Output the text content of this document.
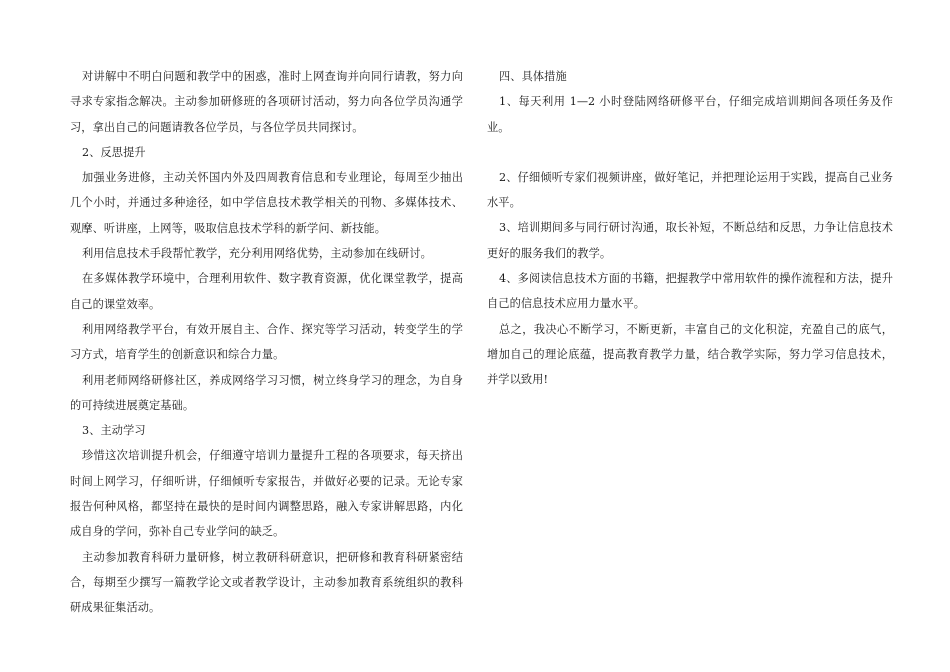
对讲解中不明白问题和教学中的困惑，准时上网查询并向同行请教，努力向寻求专家指念解决。主动参加研修班的各项研讨活动，努力向各位学员沟通学习，拿出自己的问题请教各位学员，与各位学员共同探讨。

2、反思提升

加强业务进修，主动关怀国内外及四周教育信息和专业理论，每周至少抽出几个小时，并通过多种途径，如中学信息技术教学相关的刊物、多媒体技术、观摩、听讲座，上网等，吸取信息技术学科的新学问、新技能。

利用信息技术手段帮忙教学，充分利用网络优势，主动参加在线研讨。

在多媒体教学环境中，合理利用软件、数字教育资源，优化课堂教学，提高自己的课堂效率。

利用网络教学平台，有效开展自主、合作、探究等学习活动，转变学生的学习方式，培育学生的创新意识和综合力量。

利用老师网络研修社区，养成网络学习习惯，树立终身学习的理念，为自身的可持续进展奠定基础。

3、主动学习

珍惜这次培训提升机会，仔细遵守培训力量提升工程的各项要求，每天挤出时间上网学习，仔细听讲，仔细倾听专家报告，并做好必要的记录。无论专家报告何种风格，都坚持在最快的是时间内调整思路，融入专家讲解思路，内化成自身的学问，弥补自己专业学问的缺乏。

主动参加教育科研力量研修，树立教研科研意识，把研修和教育科研紧密结合，每期至少撰写一篇教学论文或者教学设计，主动参加教育系统组织的教科研成果征集活动。

四、具体措施

1、每天利用 1—2 小时登陆网络研修平台，仔细完成培训期间各项任务及作业。

2、仔细倾听专家们视频讲座，做好笔记，并把理论运用于实践，提高自己业务水平。

3、培训期间多与同行研讨沟通，取长补短，不断总结和反思，力争让信息技术更好的服务我们的教学。

4、多阅读信息技术方面的书籍，把握教学中常用软件的操作流程和方法，提升自己的信息技术应用力量水平。

总之，我决心不断学习，不断更新，丰富自己的文化积淀，充盈自己的底气，增加自己的理论底蕴，提高教育教学力量，结合教学实际，努力学习信息技术，并学以致用!
